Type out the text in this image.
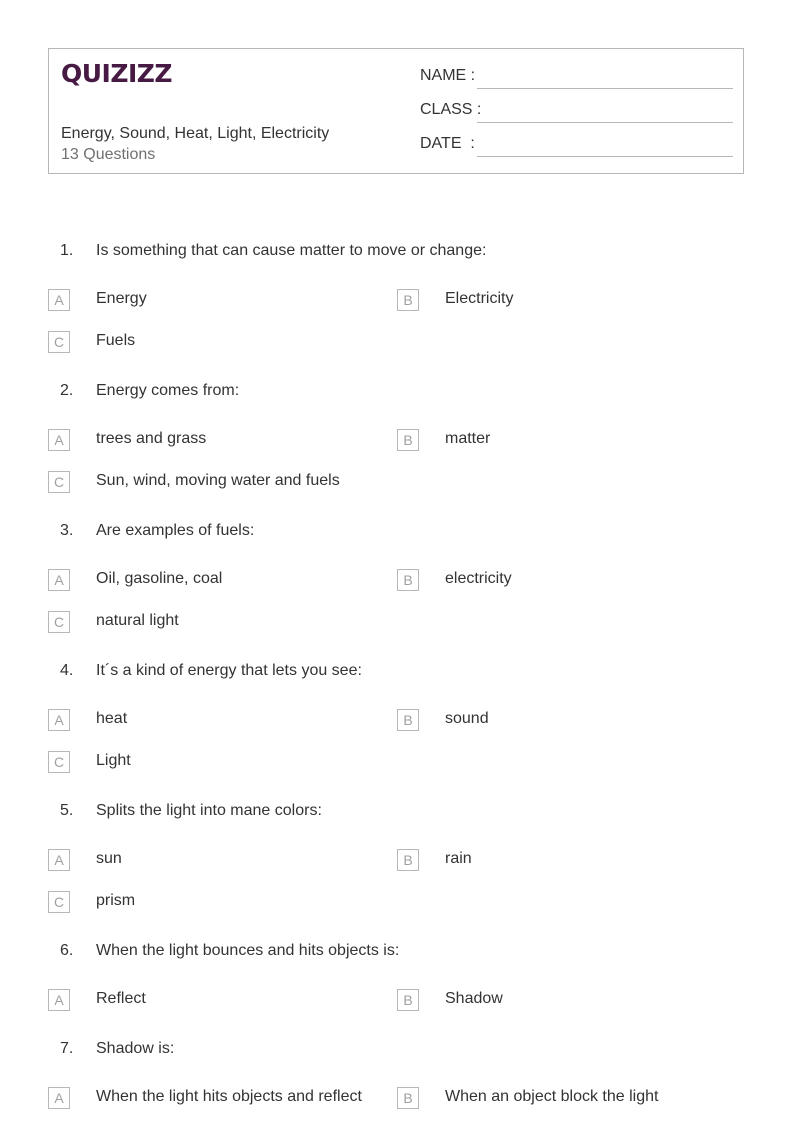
QUIZIZZ
Energy, Sound, Heat, Light, Electricity
13 Questions
NAME :
CLASS :
DATE  :
1. Is something that can cause matter to move or change:
A	Energy	B	Electricity
C	Fuels
2. Energy comes from:
A	trees and grass	B	matter
C	Sun, wind, moving water and fuels
3. Are examples of fuels:
A	Oil, gasoline, coal	B	electricity
C	natural light
4. It´s a kind of energy that lets you see:
A	heat	B	sound
C	Light
5. Splits the light into mane colors:
A	sun	B	rain
C	prism
6. When the light bounces and hits objects is:
A	Reflect	B	Shadow
7. Shadow is:
A	When the light hits objects and reflect	B	When an object block the light
